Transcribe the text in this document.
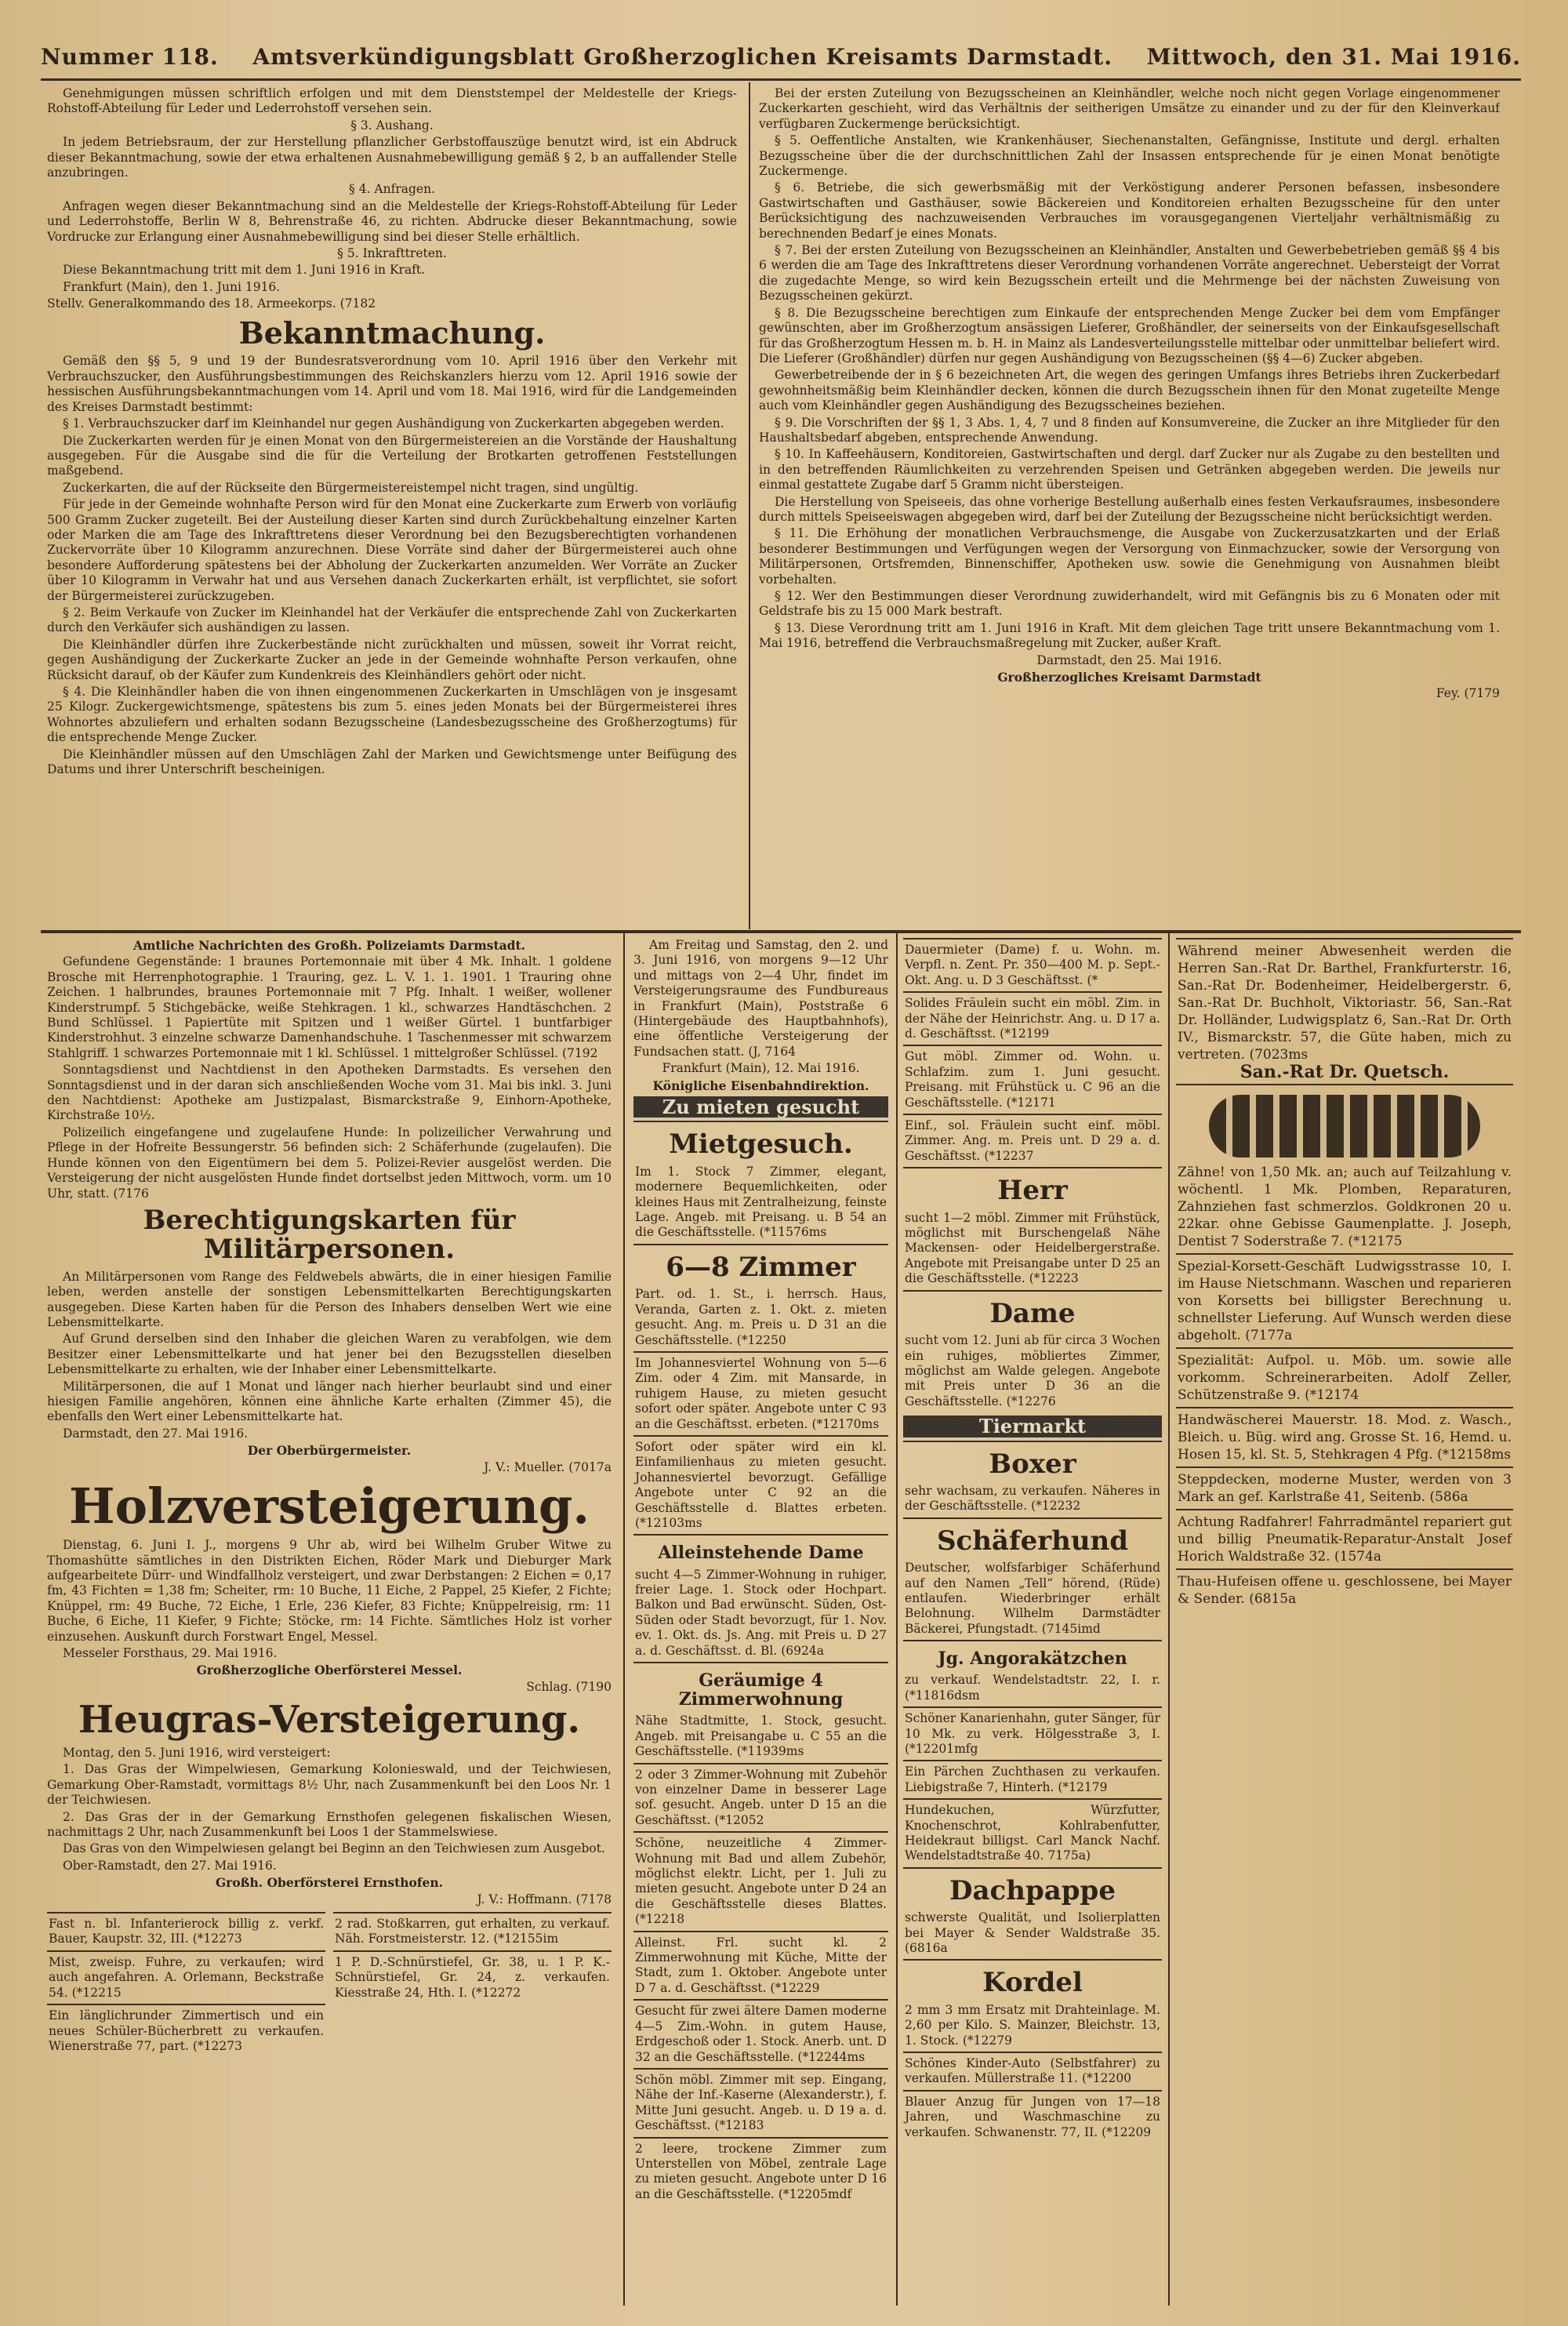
Nummer 118. Amtsverkündigungsblatt Großherzoglichen Kreisamts Darmstadt. Mittwoch, den 31. Mai 1916.

Genehmigungen müssen schriftlich erfolgen und mit dem Dienststempel der Meldestelle der Kriegs-Rohstoff-Abteilung für Leder und Lederrohstoff versehen sein.

§ 3. Aushang.

In jedem Betriebsraum, der zur Herstellung pflanzlicher Gerbstoffauszüge benutzt wird, ist ein Abdruck dieser Bekanntmachung, sowie der etwa erhaltenen Ausnahmebewilligung gemäß § 2, b an auffallender Stelle anzubringen.

§ 4. Anfragen.

Anfragen wegen dieser Bekanntmachung sind an die Meldestelle der Kriegs-Rohstoff-Abteilung für Leder und Lederrohstoffe, Berlin W 8, Behrenstraße 46, zu richten. Abdrucke dieser Bekanntmachung, sowie Vordrucke zur Erlangung einer Ausnahmebewilligung sind bei dieser Stelle erhältlich.

§ 5. Inkrafttreten.

Diese Bekanntmachung tritt mit dem 1. Juni 1916 in Kraft.

Frankfurt (Main), den 1. Juni 1916.

Stellv. Generalkommando des 18. Armeekorps. (7182

Bekanntmachung.

Gemäß den §§ 5, 9 und 19 der Bundesratsverordnung vom 10. April 1916 über den Verkehr mit Verbrauchszucker, den Ausführungsbestimmungen des Reichskanzlers hierzu vom 12. April 1916 sowie der hessischen Ausführungsbekanntmachungen vom 14. April und vom 18. Mai 1916, wird für die Landgemeinden des Kreises Darmstadt bestimmt:

§ 1. Verbrauchszucker darf im Kleinhandel nur gegen Aushändigung von Zuckerkarten abgegeben werden.

Die Zuckerkarten werden für je einen Monat von den Bürgermeistereien an die Vorstände der Haushaltung ausgegeben. Für die Ausgabe sind die für die Verteilung der Brotkarten getroffenen Feststellungen maßgebend.

Zuckerkarten, die auf der Rückseite den Bürgermeistereistempel nicht tragen, sind ungültig.

Für jede in der Gemeinde wohnhafte Person wird für den Monat eine Zuckerkarte zum Erwerb von vorläufig 500 Gramm Zucker zugeteilt. Bei der Austeilung dieser Karten sind durch Zurückbehaltung einzelner Karten oder Marken die am Tage des Inkrafttretens dieser Verordnung bei den Bezugsberechtigten vorhandenen Zuckervorräte über 10 Kilogramm anzurechnen. Diese Vorräte sind daher der Bürgermeisterei auch ohne besondere Aufforderung spätestens bei der Abholung der Zuckerkarten anzumelden. Wer Vorräte an Zucker über 10 Kilogramm in Verwahr hat und aus Versehen danach Zuckerkarten erhält, ist verpflichtet, sie sofort der Bürgermeisterei zurückzugeben.

§ 2. Beim Verkaufe von Zucker im Kleinhandel hat der Verkäufer die entsprechende Zahl von Zuckerkarten durch den Verkäufer sich aushändigen zu lassen.

Die Kleinhändler dürfen ihre Zuckerbestände nicht zurückhalten und müssen, soweit ihr Vorrat reicht, gegen Aushändigung der Zuckerkarte Zucker an jede in der Gemeinde wohnhafte Person verkaufen, ohne Rücksicht darauf, ob der Käufer zum Kundenkreis des Kleinhändlers gehört oder nicht.

§ 4. Die Kleinhändler haben die von ihnen eingenommenen Zuckerkarten in Umschlägen von je insgesamt 25 Kilogr. Zuckergewichtsmenge, spätestens bis zum 5. eines jeden Monats bei der Bürgermeisterei ihres Wohnortes abzuliefern und erhalten sodann Bezugsscheine (Landesbezugsscheine des Großherzogtums) für die entsprechende Menge Zucker.

Die Kleinhändler müssen auf den Umschlägen Zahl der Marken und Gewichtsmenge unter Beifügung des Datums und ihrer Unterschrift bescheinigen.

Bei der ersten Zuteilung von Bezugsscheinen an Kleinhändler, welche noch nicht gegen Vorlage eingenommener Zuckerkarten geschieht, wird das Verhältnis der seitherigen Umsätze zu einander und zu der für den Kleinverkauf verfügbaren Zuckermenge berücksichtigt.

§ 5. Oeffentliche Anstalten, wie Krankenhäuser, Siechenanstalten, Gefängnisse, Institute und dergl. erhalten Bezugsscheine über die der durchschnittlichen Zahl der Insassen entsprechende für je einen Monat benötigte Zuckermenge.

§ 6. Betriebe, die sich gewerbsmäßig mit der Verköstigung anderer Personen befassen, insbesondere Gastwirtschaften und Gasthäuser, sowie Bäckereien und Konditoreien erhalten Bezugsscheine für den unter Berücksichtigung des nachzuweisenden Verbrauches im vorausgegangenen Vierteljahr verhältnismäßig zu berechnenden Bedarf je eines Monats.

§ 7. Bei der ersten Zuteilung von Bezugsscheinen an Kleinhändler, Anstalten und Gewerbebetrieben gemäß §§ 4 bis 6 werden die am Tage des Inkrafttretens dieser Verordnung vorhandenen Vorräte angerechnet. Uebersteigt der Vorrat die zugedachte Menge, so wird kein Bezugsschein erteilt und die Mehrmenge bei der nächsten Zuweisung von Bezugsscheinen gekürzt.

§ 8. Die Bezugsscheine berechtigen zum Einkaufe der entsprechenden Menge Zucker bei dem vom Empfänger gewünschten, aber im Großherzogtum ansässigen Lieferer, Großhändler, der seinerseits von der Einkaufsgesellschaft für das Großherzogtum Hessen m. b. H. in Mainz als Landesverteilungsstelle mittelbar oder unmittelbar beliefert wird. Die Lieferer (Großhändler) dürfen nur gegen Aushändigung von Bezugsscheinen (§§ 4—6) Zucker abgeben.

Gewerbetreibende der in § 6 bezeichneten Art, die wegen des geringen Umfangs ihres Betriebs ihren Zuckerbedarf gewohnheitsmäßig beim Kleinhändler decken, können die durch Bezugsschein ihnen für den Monat zugeteilte Menge auch vom Kleinhändler gegen Aushändigung des Bezugsscheines beziehen.

§ 9. Die Vorschriften der §§ 1, 3 Abs. 1, 4, 7 und 8 finden auf Konsumvereine, die Zucker an ihre Mitglieder für den Haushaltsbedarf abgeben, entsprechende Anwendung.

§ 10. In Kaffeehäusern, Konditoreien, Gastwirtschaften und dergl. darf Zucker nur als Zugabe zu den bestellten und in den betreffenden Räumlichkeiten zu verzehrenden Speisen und Getränken abgegeben werden. Die jeweils nur einmal gestattete Zugabe darf 5 Gramm nicht übersteigen.

Die Herstellung von Speiseeis, das ohne vorherige Bestellung außerhalb eines festen Verkaufsraumes, insbesondere durch mittels Speiseeiswagen abgegeben wird, darf bei der Zuteilung der Bezugsscheine nicht berücksichtigt werden.

§ 11. Die Erhöhung der monatlichen Verbrauchsmenge, die Ausgabe von Zuckerzusatzkarten und der Erlaß besonderer Bestimmungen und Verfügungen wegen der Versorgung von Einmachzucker, sowie der Versorgung von Militärpersonen, Ortsfremden, Binnenschiffer, Apotheken usw. sowie die Genehmigung von Ausnahmen bleibt vorbehalten.

§ 12. Wer den Bestimmungen dieser Verordnung zuwiderhandelt, wird mit Gefängnis bis zu 6 Monaten oder mit Geldstrafe bis zu 15 000 Mark bestraft.

§ 13. Diese Verordnung tritt am 1. Juni 1916 in Kraft. Mit dem gleichen Tage tritt unsere Bekanntmachung vom 1. Mai 1916, betreffend die Verbrauchsmaßregelung mit Zucker, außer Kraft.

Darmstadt, den 25. Mai 1916.

Großherzogliches Kreisamt Darmstadt

Fey. (7179

Amtliche Nachrichten des Großh. Polizeiamts Darmstadt.

Gefundene Gegenstände: 1 braunes Portemonnaie mit über 4 Mk. Inhalt. 1 goldene Brosche mit Herrenphotographie. 1 Trauring, gez. L. V. 1. 1. 1901. 1 Trauring ohne Zeichen. 1 halbrundes, braunes Portemonnaie mit 7 Pfg. Inhalt. 1 weißer, wollener Kinderstrumpf. 5 Stichgebäcke, weiße Stehkragen. 1 kl., schwarzes Handtäschchen. 2 Bund Schlüssel. 1 Papiertüte mit Spitzen und 1 weißer Gürtel. 1 buntfarbiger Kinderstrohhut. 3 einzelne schwarze Damenhandschuhe. 1 Taschenmesser mit schwarzem Stahlgriff. 1 schwarzes Portemonnaie mit 1 kl. Schlüssel. 1 mittelgroßer Schlüssel. (7192

Sonntagsdienst und Nachtdienst in den Apotheken Darmstadts. Es versehen den Sonntagsdienst und in der daran sich anschließenden Woche vom 31. Mai bis inkl. 3. Juni den Nachtdienst: Apotheke am Justizpalast, Bismarckstraße 9, Einhorn-Apotheke, Kirchstraße 10½.

Polizeilich eingefangene und zugelaufene Hunde: In polizeilicher Verwahrung und Pflege in der Hofreite Bessungerstr. 56 befinden sich: 2 Schäferhunde (zugelaufen). Die Hunde können von den Eigentümern bei dem 5. Polizei-Revier ausgelöst werden. Die Versteigerung der nicht ausgelösten Hunde findet dortselbst jeden Mittwoch, vorm. um 10 Uhr, statt. (7176

Berechtigungskarten für Militärpersonen.

An Militärpersonen vom Range des Feldwebels abwärts, die in einer hiesigen Familie leben, werden anstelle der sonstigen Lebensmittelkarten Berechtigungskarten ausgegeben. Diese Karten haben für die Person des Inhabers denselben Wert wie eine Lebensmittelkarte.

Auf Grund derselben sind den Inhaber die gleichen Waren zu verabfolgen, wie dem Besitzer einer Lebensmittelkarte und hat jener bei den Bezugsstellen dieselben Lebensmittelkarte zu erhalten, wie der Inhaber einer Lebensmittelkarte.

Militärpersonen, die auf 1 Monat und länger nach hierher beurlaubt sind und einer hiesigen Familie angehören, können eine ähnliche Karte erhalten (Zimmer 45), die ebenfalls den Wert einer Lebensmittelkarte hat.

Darmstadt, den 27. Mai 1916.

Der Oberbürgermeister.

J. V.: Mueller. (7017a

Holzversteigerung.

Dienstag, 6. Juni I. J., morgens 9 Uhr ab, wird bei Wilhelm Gruber Witwe zu Thomashütte sämtliches in den Distrikten Eichen, Röder Mark und Dieburger Mark aufgearbeitete Dürr- und Windfallholz versteigert, und zwar Derbstangen: 2 Eichen = 0,17 fm, 43 Fichten = 1,38 fm; Scheiter, rm: 10 Buche, 11 Eiche, 2 Pappel, 25 Kiefer, 2 Fichte; Knüppel, rm: 49 Buche, 72 Eiche, 1 Erle, 236 Kiefer, 83 Fichte; Knüppelreisig, rm: 11 Buche, 6 Eiche, 11 Kiefer, 9 Fichte; Stöcke, rm: 14 Fichte. Sämtliches Holz ist vorher einzusehen. Auskunft durch Forstwart Engel, Messel.

Messeler Forsthaus, 29. Mai 1916.

Großherzogliche Oberförsterei Messel.

Schlag. (7190

Heugras-Versteigerung.

Montag, den 5. Juni 1916, wird versteigert:

1. Das Gras der Wimpelwiesen, Gemarkung Kolonieswald, und der Teichwiesen, Gemarkung Ober-Ramstadt, vormittags 8½ Uhr, nach Zusammenkunft bei den Loos Nr. 1 der Teichwiesen.

2. Das Gras der in der Gemarkung Ernsthofen gelegenen fiskalischen Wiesen, nachmittags 2 Uhr, nach Zusammenkunft bei Loos 1 der Stammelswiese.

Das Gras von den Wimpelwiesen gelangt bei Beginn an den Teichwiesen zum Ausgebot.

Ober-Ramstadt, den 27. Mai 1916.

Großh. Oberförsterei Ernsthofen.

J. V.: Hoffmann. (7178

Fast n. bl. Infanterierock billig z. verkf. Bauer, Kaupstr. 32, III. (*12273
2 rad. Stoßkarren, gut erhalten, zu verkauf. Näh. Forstmeisterstr. 12. (*12155im
Mist, zweisp. Fuhre, zu verkaufen; wird auch angefahren. A. Orlemann, Beckstraße 54. (*12215
1 P. D.-Schnürstiefel, Gr. 38, u. 1 P. K.-Schnürstiefel, Gr. 24, z. verkaufen. Kiesstraße 24, Hth. I. (*12272
Ein länglichrunder Zimmertisch und ein neues Schüler-Bücherbrett zu verkaufen. Wienerstraße 77, part. (*12273

Am Freitag und Samstag, den 2. und 3. Juni 1916, von morgens 9—12 Uhr und mittags von 2—4 Uhr, findet im Versteigerungsraume des Fundbureaus in Frankfurt (Main), Poststraße 6 (Hintergebäude des Hauptbahnhofs), eine öffentliche Versteigerung der Fundsachen statt. (J, 7164

Frankfurt (Main), 12. Mai 1916.

Königliche Eisenbahndirektion.

Zu mieten gesucht
Mietgesuch.
Im 1. Stock 7 Zimmer, elegant, modernere Bequemlichkeiten, oder kleines Haus mit Zentralheizung, feinste Lage. Angeb. mit Preisang. u. B 54 an die Geschäftsstelle. (*11576ms
6—8 Zimmer
Part. od. 1. St., i. herrsch. Haus, Veranda, Garten z. 1. Okt. z. mieten gesucht. Ang. m. Preis u. D 31 an die Geschäftsstelle. (*12250
Im Johannesviertel Wohnung von 5—6 Zim. oder 4 Zim. mit Mansarde, in ruhigem Hause, zu mieten gesucht sofort oder später. Angebote unter C 93 an die Geschäftsst. erbeten. (*12170ms
Sofort oder später wird ein kl. Einfamilienhaus zu mieten gesucht. Johannesviertel bevorzugt. Gefällige Angebote unter C 92 an die Geschäftsstelle d. Blattes erbeten. (*12103ms
Alleinstehende Dame
sucht 4—5 Zimmer-Wohnung in ruhiger, freier Lage. 1. Stock oder Hochpart. Balkon und Bad erwünscht. Süden, Ost-Süden oder Stadt bevorzugt, für 1. Nov. ev. 1. Okt. ds. Js. Ang. mit Preis u. D 27 a. d. Geschäftsst. d. Bl. (6924a
Geräumige 4 Zimmerwohnung
Nähe Stadtmitte, 1. Stock, gesucht. Angeb. mit Preisangabe u. C 55 an die Geschäftsstelle. (*11939ms
2 oder 3 Zimmer-Wohnung mit Zubehör von einzelner Dame in besserer Lage sof. gesucht. Angeb. unter D 15 an die Geschäftsst. (*12052
Schöne, neuzeitliche 4 Zimmer-Wohnung mit Bad und allem Zubehör, möglichst elektr. Licht, per 1. Juli zu mieten gesucht. Angebote unter D 24 an die Geschäftsstelle dieses Blattes. (*12218
Alleinst. Frl. sucht kl. 2 Zimmerwohnung mit Küche, Mitte der Stadt, zum 1. Oktober. Angebote unter D 7 a. d. Geschäftsst. (*12229
Gesucht für zwei ältere Damen moderne 4—5 Zim.-Wohn. in gutem Hause, Erdgeschoß oder 1. Stock. Anerb. unt. D 32 an die Geschäftsstelle. (*12244ms
Schön möbl. Zimmer mit sep. Eingang, Nähe der Inf.-Kaserne (Alexanderstr.), f. Mitte Juni gesucht. Angeb. u. D 19 a. d. Geschäftsst. (*12183
2 leere, trockene Zimmer zum Unterstellen von Möbel, zentrale Lage zu mieten gesucht. Angebote unter D 16 an die Geschäftsstelle. (*12205mdf
Dauermieter (Dame) f. u. Wohn. m. Verpfl. n. Zent. Pr. 350—400 M. p. Sept.-Okt. Ang. u. D 3 Geschäftsst. (*
Solides Fräulein sucht ein möbl. Zim. in der Nähe der Heinrichstr. Ang. u. D 17 a. d. Geschäftsst. (*12199
Gut möbl. Zimmer od. Wohn. u. Schlafzim. zum 1. Juni gesucht. Preisang. mit Frühstück u. C 96 an die Geschäftsstelle. (*12171
Einf., sol. Fräulein sucht einf. möbl. Zimmer. Ang. m. Preis unt. D 29 a. d. Geschäftsst. (*12237
Herr
sucht 1—2 möbl. Zimmer mit Frühstück, möglichst mit Burschengelaß Nähe Mackensen- oder Heidelbergerstraße. Angebote mit Preisangabe unter D 25 an die Geschäftsstelle. (*12223
Dame
sucht vom 12. Juni ab für circa 3 Wochen ein ruhiges, möbliertes Zimmer, möglichst am Walde gelegen. Angebote mit Preis unter D 36 an die Geschäftsstelle. (*12276
Tiermarkt
Boxer
sehr wachsam, zu verkaufen. Näheres in der Geschäftsstelle. (*12232
Schäferhund
Deutscher, wolfsfarbiger Schäferhund auf den Namen „Tell“ hörend, (Rüde) entlaufen. Wiederbringer erhält Belohnung. Wilhelm Darmstädter Bäckerei, Pfungstadt. (7145imd
Jg. Angorakätzchen
zu verkauf. Wendelstadtstr. 22, I. r. (*11816dsm
Schöner Kanarienhahn, guter Sänger, für 10 Mk. zu verk. Hölgesstraße 3, I. (*12201mfg
Ein Pärchen Zuchthasen zu verkaufen. Liebigstraße 7, Hinterh. (*12179
Hundekuchen, Würzfutter, Knochenschrot, Kohlrabenfutter, Heidekraut billigst. Carl Manck Nachf. Wendelstadtstraße 40. 7175a)
Dachpappe
schwerste Qualität, und Isolierplatten bei Mayer & Sender Waldstraße 35. (6816a
Kordel
2 mm 3 mm Ersatz mit Drahteinlage. M. 2,60 per Kilo. S. Mainzer, Bleichstr. 13, 1. Stock. (*12279
Schönes Kinder-Auto (Selbstfahrer) zu verkaufen. Müllerstraße 11. (*12200
Blauer Anzug für Jungen von 17—18 Jahren, und Waschmaschine zu verkaufen. Schwanenstr. 77, II. (*12209
Während meiner Abwesenheit werden die Herren San.-Rat Dr. Barthel, Frankfurterstr. 16, San.-Rat Dr. Bodenheimer, Heidelbergerstr. 6, San.-Rat Dr. Buchholt, Viktoriastr. 56, San.-Rat Dr. Holländer, Ludwigsplatz 6, San.-Rat Dr. Orth IV., Bismarckstr. 57, die Güte haben, mich zu vertreten. (7023ms
San.-Rat Dr. Quetsch.
Zähne! von 1,50 Mk. an; auch auf Teilzahlung v. wöchentl. 1 Mk. Plomben, Reparaturen, Zahnziehen fast schmerzlos. Goldkronen 20 u. 22kar. ohne Gebisse Gaumenplatte. J. Joseph, Dentist 7 Soderstraße 7. (*12175
Spezial-Korsett-Geschäft Ludwigsstrasse 10, I. im Hause Nietschmann. Waschen und reparieren von Korsetts bei billigster Berechnung u. schnellster Lieferung. Auf Wunsch werden diese abgeholt. (7177a
Spezialität: Aufpol. u. Möb. um. sowie alle vorkomm. Schreinerarbeiten. Adolf Zeller, Schützenstraße 9. (*12174
Handwäscherei Mauerstr. 18. Mod. z. Wasch., Bleich. u. Büg. wird ang. Grosse St. 16, Hemd. u. Hosen 15, kl. St. 5, Stehkragen 4 Pfg. (*12158ms
Steppdecken, moderne Muster, werden von 3 Mark an gef. Karlstraße 41, Seitenb. (586a
Achtung Radfahrer! Fahrradmäntel repariert gut und billig Pneumatik-Reparatur-Anstalt Josef Horich Waldstraße 32. (1574a
Thau-Hufeisen offene u. geschlossene, bei Mayer & Sender. (6815a
